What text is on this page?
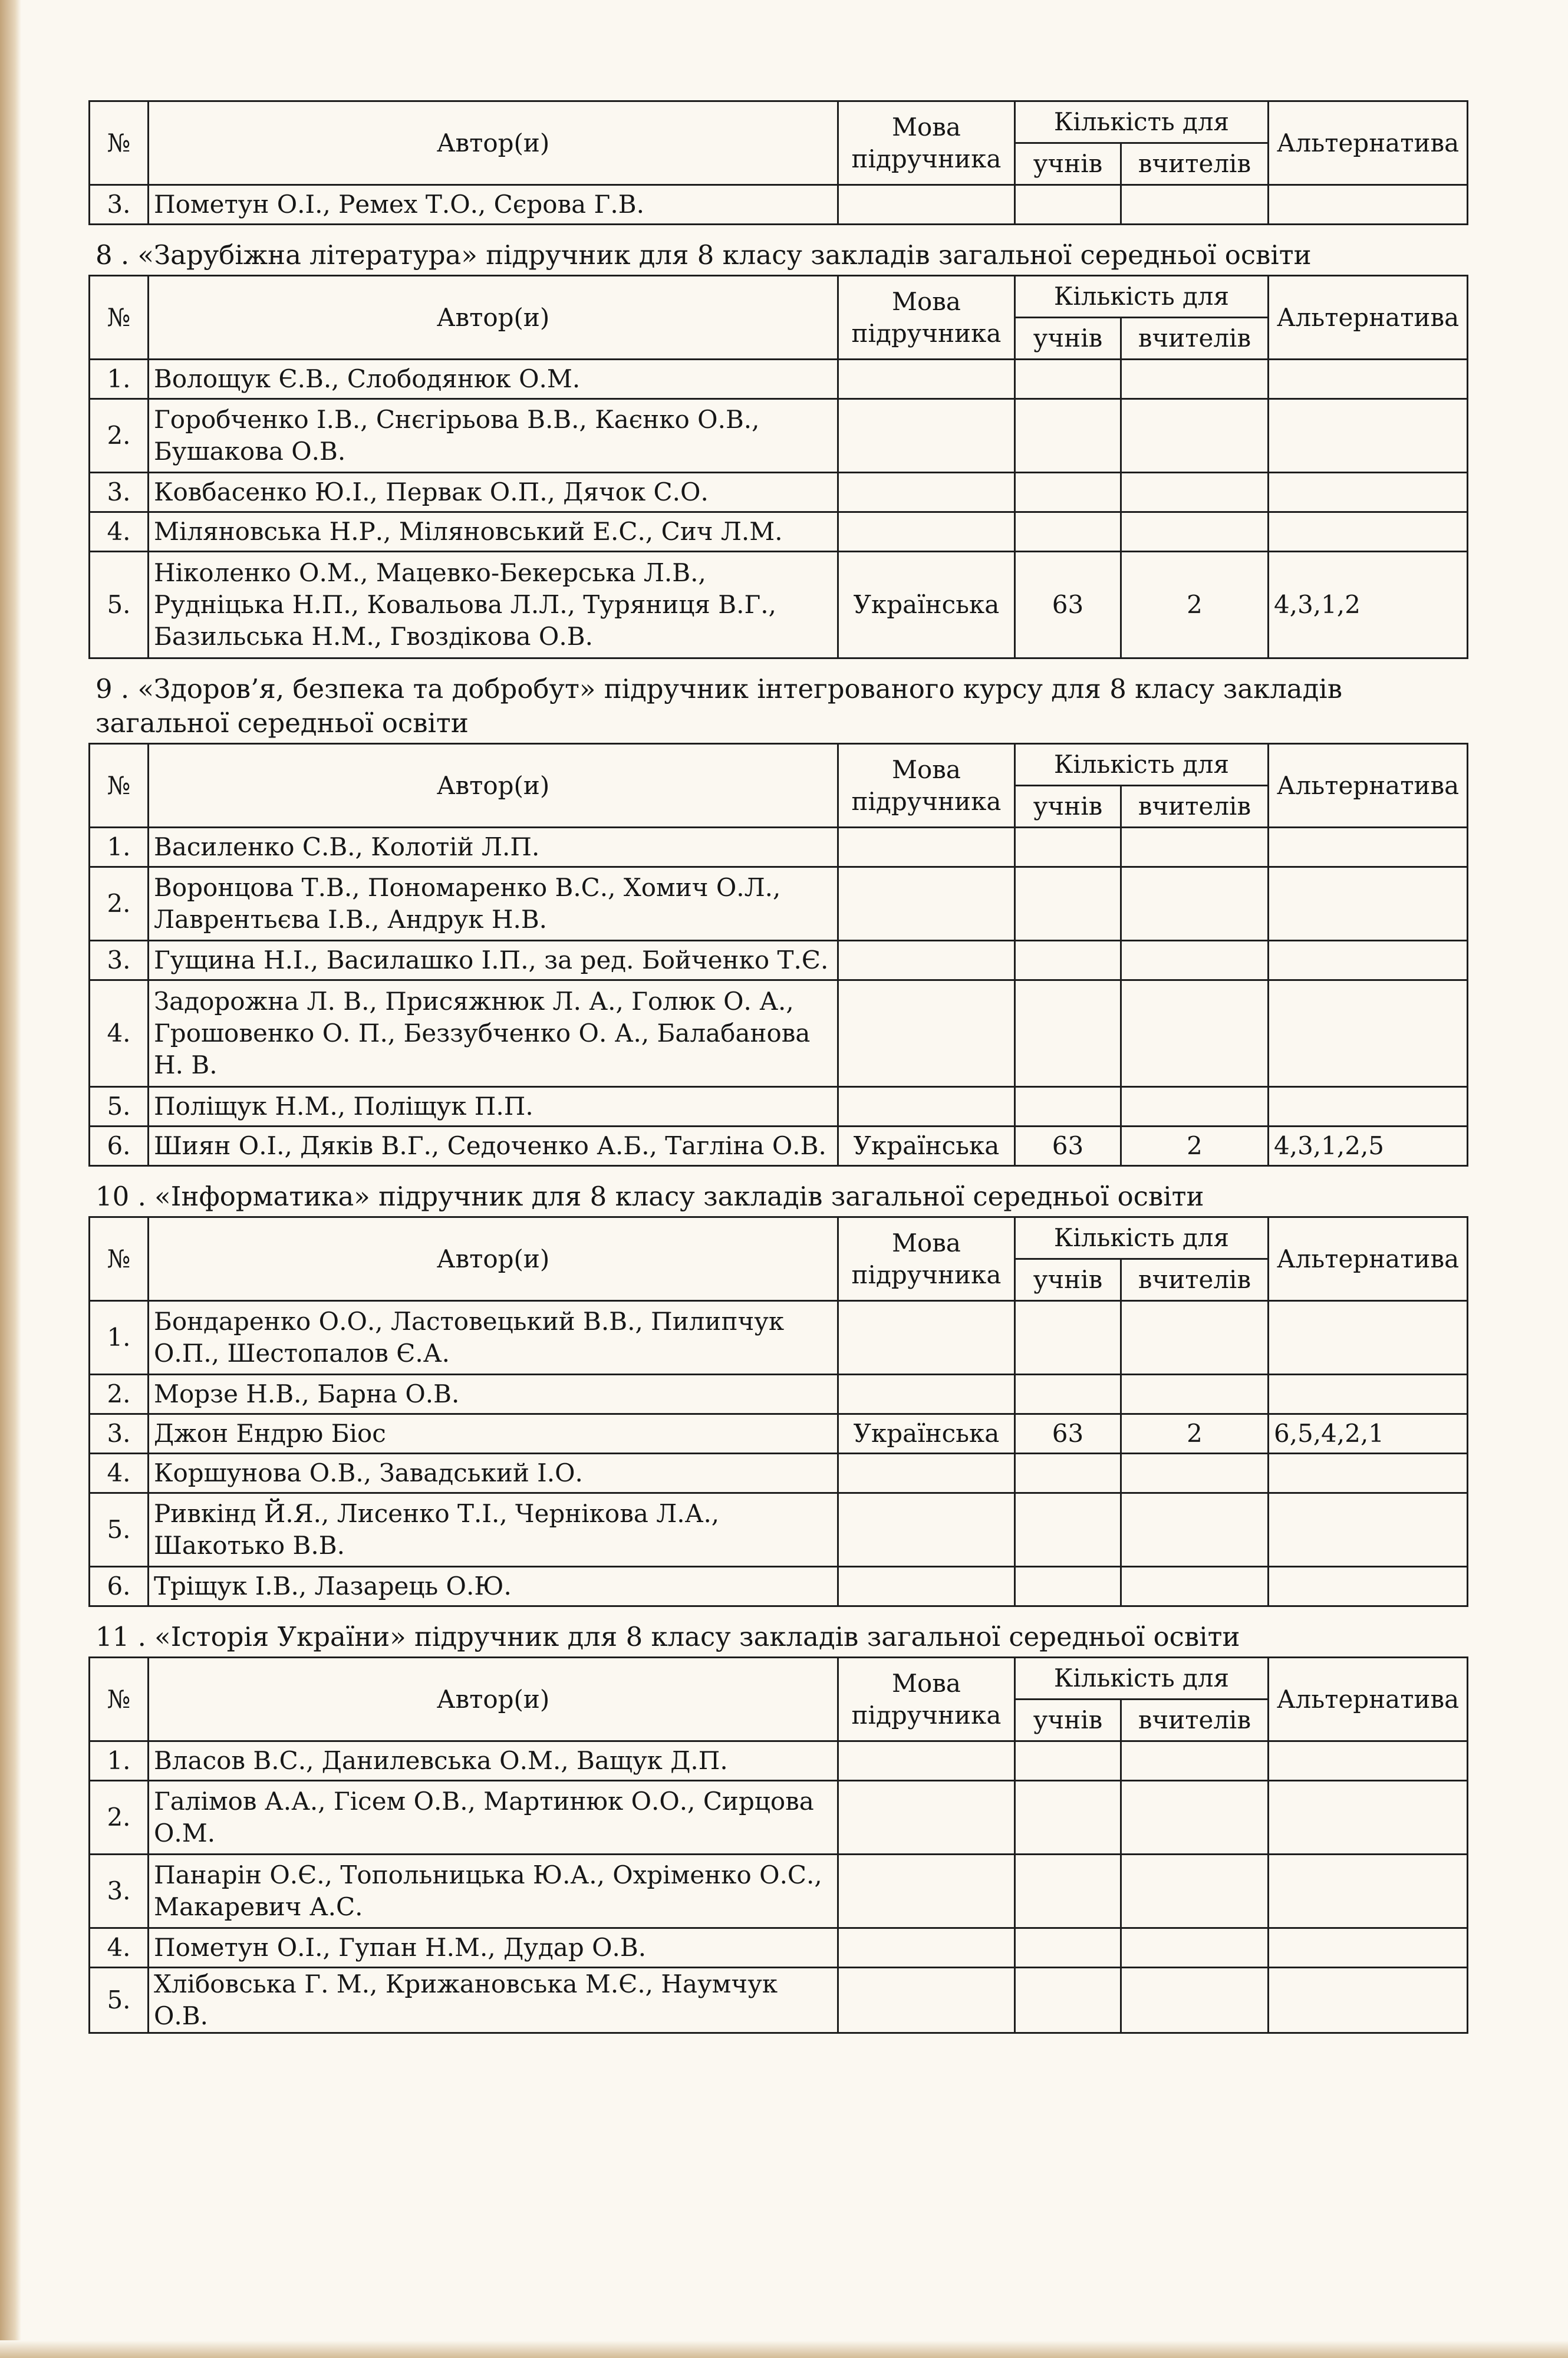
№	Автор(и)	Мова
підручника	Кількість для		Альтернатива
			учнів	вчителів	
3.	Пометун О.І., Ремех Т.О., Сєрова Г.В.				
8 . «Зарубіжна література» підручник для 8 класу закладів загальної середньої освіти
№	Автор(и)	Мова
підручника	Кількість для		Альтернатива
			учнів	вчителів	
1.	Волощук Є.В., Слободянюк О.М.				
2.	Горобченко І.В., Снєгірьова В.В., Каєнко О.В., Бушакова О.В.				
3.	Ковбасенко Ю.І., Первак О.П., Дячок С.О.				
4.	Міляновська Н.Р., Міляновський Е.С., Сич Л.М.				
5.	Ніколенко О.М., Мацевко-Бекерська Л.В., Рудніцька Н.П., Ковальова Л.Л., Туряниця В.Г., Базильська Н.М., Гвоздікова О.В.	Українська	63	2	4,3,1,2
9 . «Здоров’я, безпека та добробут» підручник інтегрованого курсу для 8 класу закладів загальної середньої освіти
№	Автор(и)	Мова
підручника	Кількість для		Альтернатива
			учнів	вчителів	
1.	Василенко С.В., Колотій Л.П.				
2.	Воронцова Т.В., Пономаренко В.С., Хомич О.Л., Лаврентьєва І.В., Андрук Н.В.				
3.	Гущина Н.І., Василашко І.П., за ред. Бойченко Т.Є.				
4.	Задорожна Л. В., Присяжнюк Л. А., Голюк О. А., Грошовенко О. П., Беззубченко О. А., Балабанова Н. В.				
5.	Поліщук Н.М., Поліщук П.П.				
6.	Шиян О.І., Дяків В.Г., Седоченко А.Б., Тагліна О.В.	Українська	63	2	4,3,1,2,5
10 . «Інформатика» підручник для 8 класу закладів загальної середньої освіти
№	Автор(и)	Мова
підручника	Кількість для		Альтернатива
			учнів	вчителів	
1.	Бондаренко О.О., Ластовецький В.В., Пилипчук О.П., Шестопалов Є.А.				
2.	Морзе Н.В., Барна О.В.				
3.	Джон Ендрю Біос	Українська	63	2	6,5,4,2,1
4.	Коршунова О.В., Завадський І.О.				
5.	Ривкінд Й.Я., Лисенко Т.І., Чернікова Л.А., Шакотько В.В.				
6.	Тріщук І.В., Лазарець О.Ю.				
11 . «Історія України» підручник для 8 класу закладів загальної середньої освіти
№	Автор(и)	Мова
підручника	Кількість для		Альтернатива
			учнів	вчителів	
1.	Власов В.С., Данилевська О.М., Ващук Д.П.				
2.	Галімов А.А., Гісем О.В., Мартинюк О.О., Сирцова О.М.				
3.	Панарін О.Є., Топольницька Ю.А., Охріменко О.С., Макаревич А.С.				
4.	Пометун О.І., Гупан Н.М., Дудар О.В.				
5.	Хлібовська Г. М., Крижановська М.Є., Наумчук О.В.				
